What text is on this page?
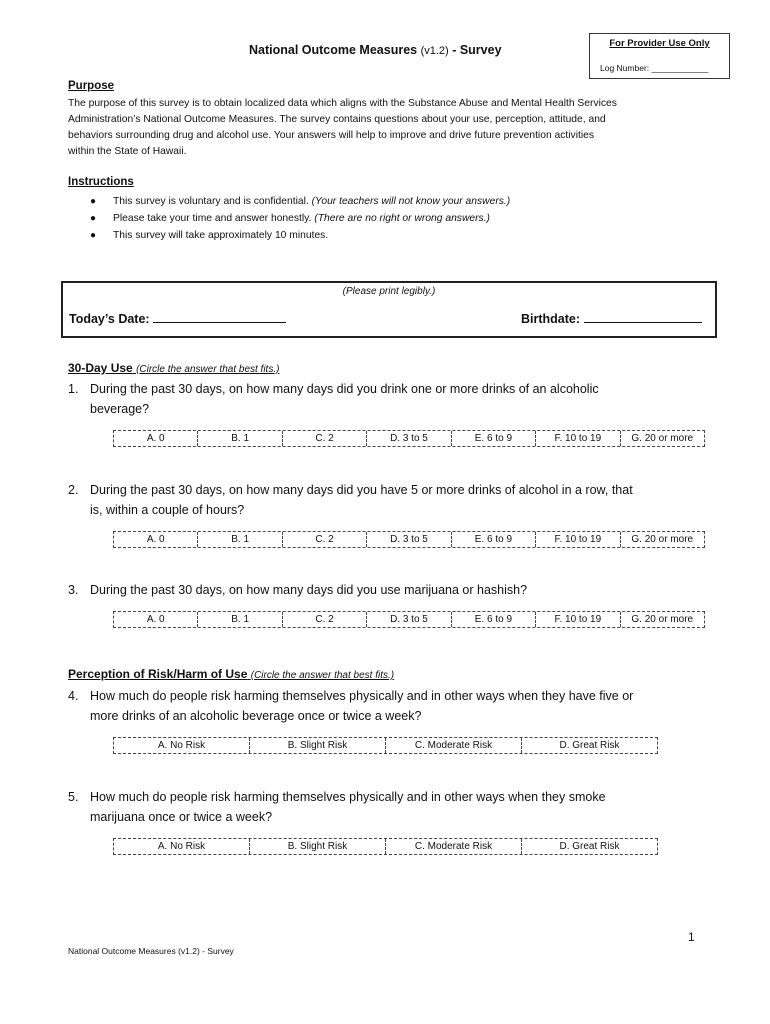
National Outcome Measures (v1.2) - Survey	For Provider Use Only
Log Number: ____________
Purpose
The purpose of this survey is to obtain localized data which aligns with the Substance Abuse and Mental Health Services
Administration’s National Outcome Measures. The survey contains questions about your use, perception, attitude, and
behaviors surrounding drug and alcohol use. Your answers will help to improve and drive future prevention activities
within the State of Hawaii.
Instructions
● This survey is voluntary and is confidential. (Your teachers will not know your answers.)
● Please take your time and answer honestly. (There are no right or wrong answers.)
● This survey will take approximately 10 minutes.
(Please print legibly.)
Today’s Date:	Birthdate:
30-Day Use (Circle the answer that best fits.)
1. During the past 30 days, on how many days did you drink one or more drinks of an alcoholic
beverage?
A. 0	B. 1	C. 2	D. 3 to 5	E. 6 to 9	F. 10 to 19	G. 20 or more
2. During the past 30 days, on how many days did you have 5 or more drinks of alcohol in a row, that
is, within a couple of hours?
A. 0	B. 1	C. 2	D. 3 to 5	E. 6 to 9	F. 10 to 19	G. 20 or more
3. During the past 30 days, on how many days did you use marijuana or hashish?
A. 0	B. 1	C. 2	D. 3 to 5	E. 6 to 9	F. 10 to 19	G. 20 or more
Perception of Risk/Harm of Use (Circle the answer that best fits.)
4. How much do people risk harming themselves physically and in other ways when they have five or
more drinks of an alcoholic beverage once or twice a week?
A. No Risk	B. Slight Risk	C. Moderate Risk	D. Great Risk
5. How much do people risk harming themselves physically and in other ways when they smoke
marijuana once or twice a week?
A. No Risk	B. Slight Risk	C. Moderate Risk	D. Great Risk
1
National Outcome Measures (v1.2) - Survey
